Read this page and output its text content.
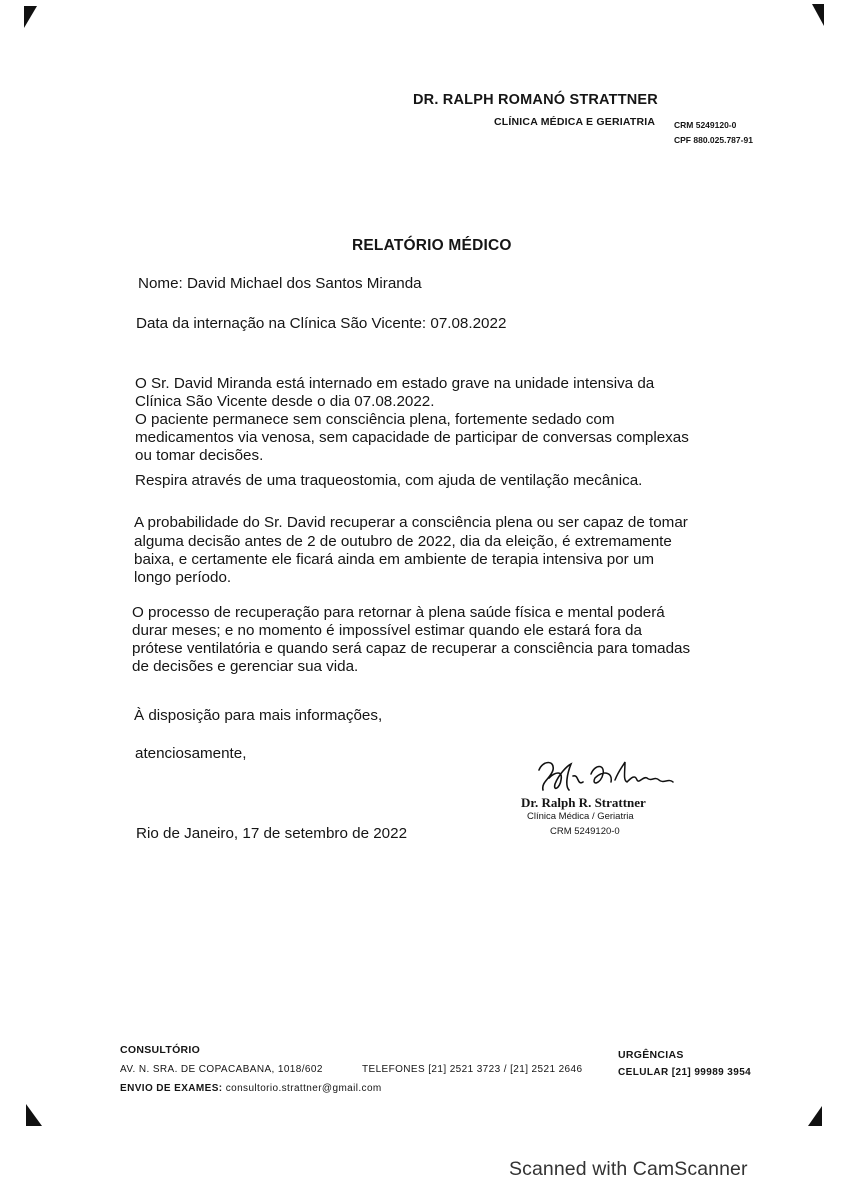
DR. RALPH ROMANÓ STRATTNER
CLÍNICA MÉDICA E GERIATRIA CRM 5249120-0
CPF 880.025.787-91
RELATÓRIO MÉDICO
Nome: David Michael dos Santos Miranda
Data da internação na Clínica São Vicente: 07.08.2022
O Sr. David Miranda está internado em estado grave na unidade intensiva da
Clínica São Vicente desde o dia 07.08.2022.
O paciente permanece sem consciência plena, fortemente sedado com
medicamentos via venosa, sem capacidade de participar de conversas complexas
ou tomar decisões.
Respira através de uma traqueostomia, com ajuda de ventilação mecânica.
A probabilidade do Sr. David recuperar a consciência plena ou ser capaz de tomar
alguma decisão antes de 2 de outubro de 2022, dia da eleição, é extremamente
baixa, e certamente ele ficará ainda em ambiente de terapia intensiva por um
longo período.
O processo de recuperação para retornar à plena saúde física e mental poderá
durar meses; e no momento é impossível estimar quando ele estará fora da
prótese ventilatória e quando será capaz de recuperar a consciência para tomadas
de decisões e gerenciar sua vida.
À disposição para mais informações,
atenciosamente,
Rio de Janeiro, 17 de setembro de 2022
Dr. Ralph R. Strattner
Clínica Médica / Geriatria
CRM 5249120-0
CONSULTÓRIO
AV. N. SRA. DE COPACABANA, 1018/602	TELEFONES [21] 2521 3723 / [21] 2521 2646
ENVIO DE EXAMES: consultorio.strattner@gmail.com
URGÊNCIAS
CELULAR [21] 99989 3954
Scanned with CamScanner
